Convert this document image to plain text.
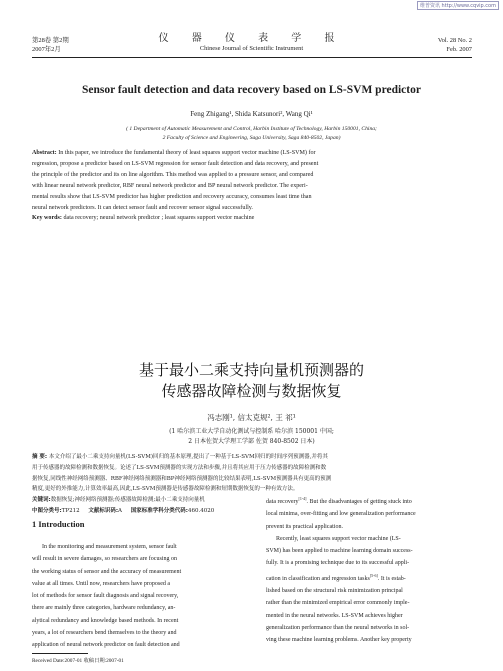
维普资讯 http://www.cqvip.com
第28卷 第2期
2007年2月
仪 器 仪 表 学 报
Chinese Journal of Scientific Instrument
Vol. 28 No. 2
Feb. 2007
Sensor fault detection and data recovery based on LS-SVM predictor
Feng Zhigang¹, Shida Katsunori², Wang Qi¹
( 1 Department of Automatic Measurement and Control, Harbin Institute of Technology, Harbin 150001, China;
2 Faculty of Science and Engineering, Saga University, Saga 840-8502, Japan)
Abstract: In this paper, we introduce the fundamental theory of least squares support vector machine (LS-SVM) for
regression, propose a predictor based on LS-SVM regression for sensor fault detection and data recovery, and present
the principle of the predictor and its on line algorithm. This method was applied to a pressure sensor, and compared
with linear neural network predictor, RBF neural network predictor and BP neural network predictor. The experi-
mental results show that LS-SVM predictor has higher prediction and recovery accuracy, consumes least time than
neural network predictors. It can detect sensor fault and recover sensor signal successfully.
Key words: data recovery; neural network predictor ; least squares support vector machine
基于最小二乘支持向量机预测器的
传感器故障检测与数据恢复
冯志刚¹, 信太克规², 王 祁¹
(1 哈尔滨工业大学自动化测试与控制系 哈尔滨 150001 中国;
2 日本佐贺大学理工学部 佐贺 840-8502 日本)
摘 要: 本文介绍了最小二乘支持向量机(LS-SVM)回归的基本原理,提出了一种基于LS-SVM回归的时间序列预测器,并将其
用于传感器的故障检测和数据恢复。论述了LS-SVM预测器的实现方法和步骤,并且将其应用于压力传感器的故障检测和数
据恢复,同线性神经网络预测器、RBF神经网络预测器和BP神经网络预测器的比较结果表明,LS-SVM预测器具有更高的预测
精度,更好的外推能力,计算效率最高,因此,LS-SVM预测器是传感器故障检测和短期数据恢复的一种有效方法。
关键词:数据恢复;神经网络预测器;传感器故障检测;最小二乘支持向量机
中图分类号:TP212 文献标识码:A 国家标准学科分类代码:460.4020
1 Introduction
In the monitoring and measurement system, sensor fault
will result in severe damages, so researchers are focusing on
the working status of sensor and the accuracy of measurement
value at all times. Until now, researchers have proposed a
lot of methods for sensor fault diagnosis and signal recovery,
there are mainly three categories, hardware redundancy, an-
alytical redundancy and knowledge based methods. In recent
years, a lot of researchers bend themselves to the theory and
application of neural network predictor on fault detection and
data recovery[1-4]. But the disadvantages of getting stuck into
local minima, over-fitting and low generalization performance
prevent its practical application.
Recently, least squares support vector machine (LS-
SVM) has been applied to machine learning domain success-
fully. It is a promising technique due to its successful appli-
cation in classification and regression tasks[5-6]. It is estab-
lished based on the structural risk minimization principal
rather than the minimized empirical error commonly imple-
mented in the neural networks. LS-SVM achieves higher
generalization performance than the neural networks in sol-
ving these machine learning problems. Another key property
Received Date:2007-01 收稿日期:2007-01
